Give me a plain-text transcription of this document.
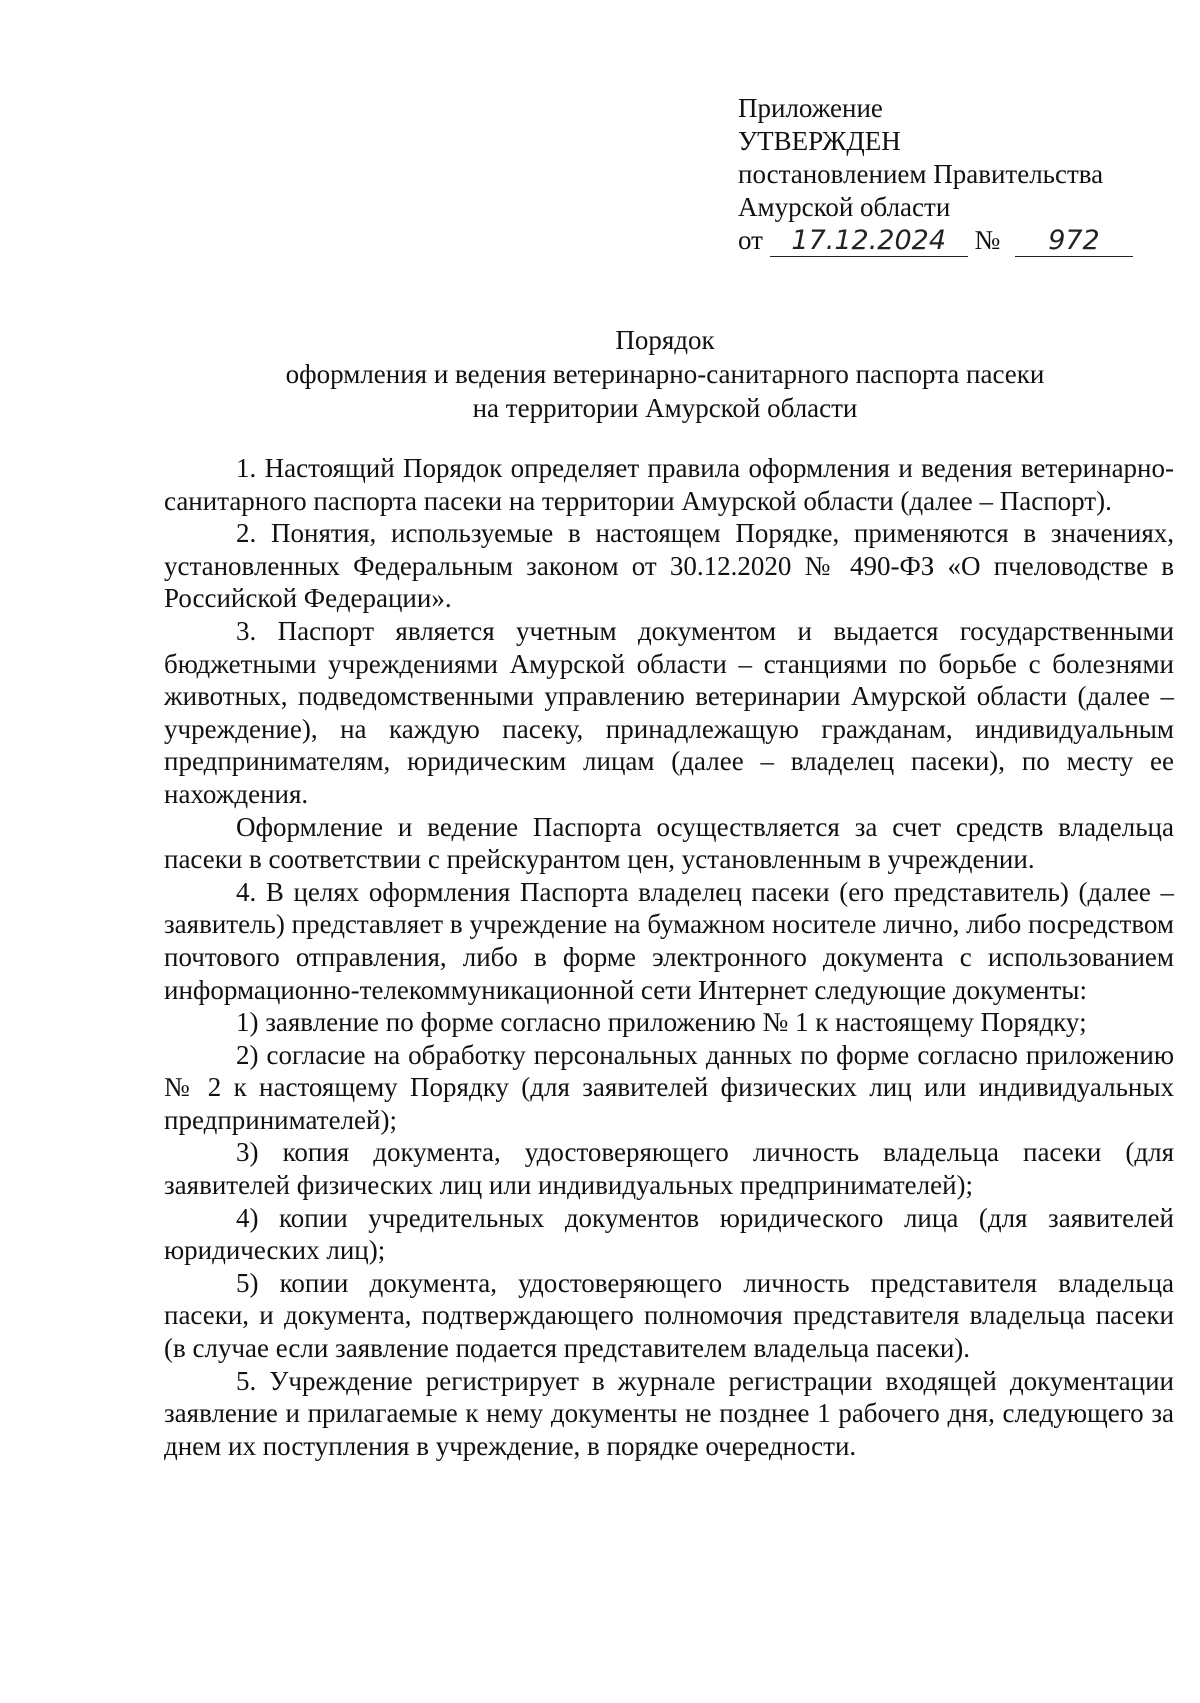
Приложение
УТВЕРЖДЕН
постановлением Правительства
Амурской области
от 17.12.2024 № 972
Порядок
оформления и ведения ветеринарно-санитарного паспорта пасеки
на территории Амурской области

1. Настоящий Порядок определяет правила оформления и ведения ветеринарно-санитарного паспорта пасеки на территории Амурской области (далее – Паспорт).

2. Понятия, используемые в настоящем Порядке, применяются в значениях, установленных Федеральным законом от 30.12.2020 № 490-ФЗ «О пчеловодстве в Российской Федерации».

3. Паспорт является учетным документом и выдается государственными бюджетными учреждениями Амурской области – станциями по борьбе с болезнями животных, подведомственными управлению ветеринарии Амурской области (далее – учреждение), на каждую пасеку, принадлежащую гражданам, индивидуальным предпринимателям, юридическим лицам (далее – владелец пасеки), по месту ее нахождения.

Оформление и ведение Паспорта осуществляется за счет средств владельца пасеки в соответствии с прейскурантом цен, установленным в учреждении.

4. В целях оформления Паспорта владелец пасеки (его представитель) (далее – заявитель) представляет в учреждение на бумажном носителе лично, либо посредством почтового отправления, либо в форме электронного документа с использованием информационно-телекоммуникационной сети Интернет следующие документы:

1) заявление по форме согласно приложению № 1 к настоящему Порядку;

2) согласие на обработку персональных данных по форме согласно приложению № 2 к настоящему Порядку (для заявителей физических лиц или индивидуальных предпринимателей);

3) копия документа, удостоверяющего личность владельца пасеки (для заявителей физических лиц или индивидуальных предпринимателей);

4) копии учредительных документов юридического лица (для заявителей юридических лиц);

5) копии документа, удостоверяющего личность представителя владельца пасеки, и документа, подтверждающего полномочия представителя владельца пасеки (в случае если заявление подается представителем владельца пасеки).

5. Учреждение регистрирует в журнале регистрации входящей документации заявление и прилагаемые к нему документы не позднее 1 рабочего дня, следующего за днем их поступления в учреждение, в порядке очередности.
